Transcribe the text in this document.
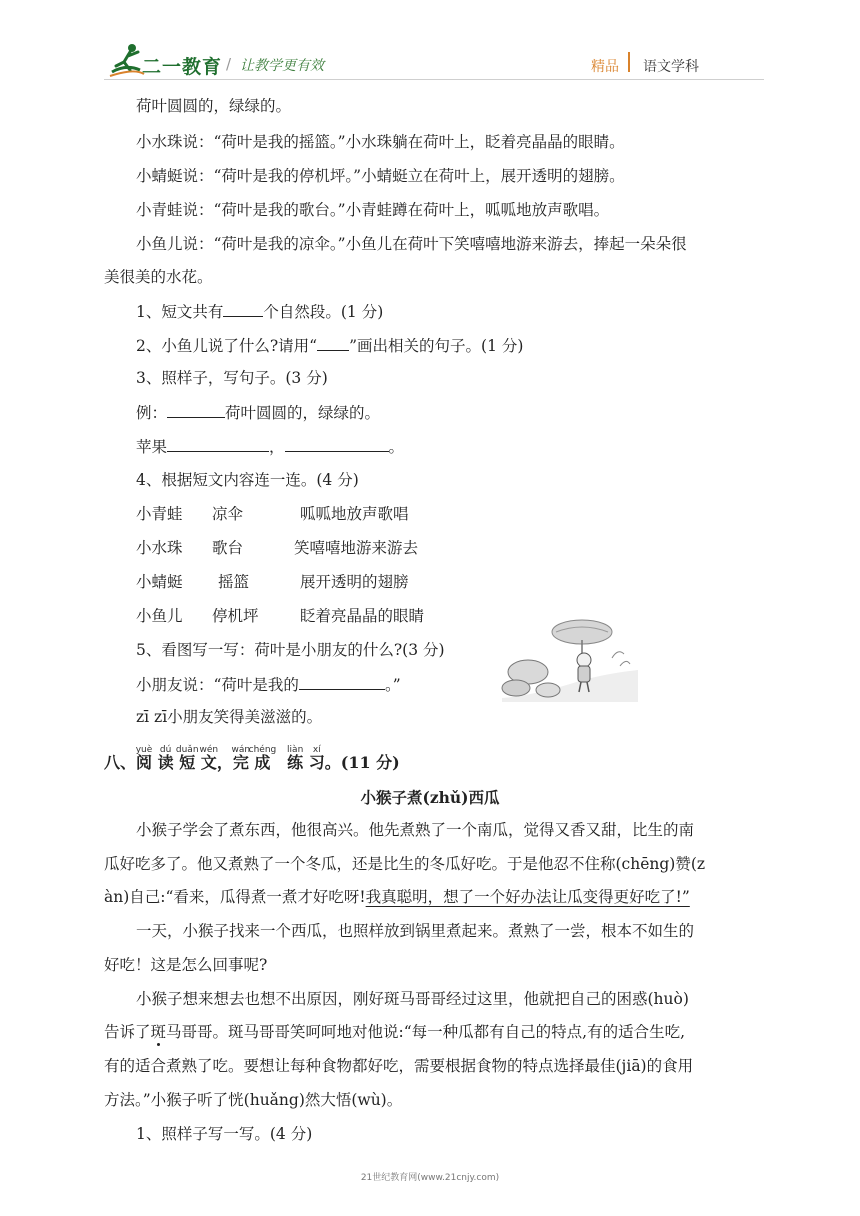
二一教育 / 让教学更有效	精品 语文学科
荷叶圆圆的，绿绿的。
小水珠说：“荷叶是我的摇篮。”小水珠躺在荷叶上，眨着亮晶晶的眼睛。
小蜻蜓说：“荷叶是我的停机坪。”小蜻蜓立在荷叶上，展开透明的翅膀。
小青蛙说：“荷叶是我的歌台。”小青蛙蹲在荷叶上，呱呱地放声歌唱。
小鱼儿说：“荷叶是我的凉伞。”小鱼儿在荷叶下笑嘻嘻地游来游去，捧起一朵朵很
美很美的水花。
1、短文共有	个自然段。(1 分)
2、小鱼儿说了什么?请用“ ”画出相关的句子。(1 分)
3、照样子，写句子。(3 分)
例：	荷叶圆圆的，绿绿的。
苹果	，	。
4、根据短文内容连一连。(4 分)
小青蛙 凉伞	呱呱地放声歌唱
小水珠 歌台	笑嘻嘻地游来游去
小蜻蜓 摇篮	展开透明的翅膀
小鱼儿 停机坪	眨着亮晶晶的眼睛
5、看图写一写：荷叶是小朋友的什么?(3 分)
小朋友说：“荷叶是我的	。”
zī zī小朋友笑得美滋滋的。
八、
yuè
阅
dú
读
duǎn
短
wén
文，
wán
完
chéng
成
liàn
练
xí
习。(11 分)
小猴子煮(zhǔ)西瓜
小猴子学会了煮东西，他很高兴。他先煮熟了一个南瓜，觉得又香又甜，比生的南
瓜好吃多了。他又煮熟了一个冬瓜，还是比生的冬瓜好吃。于是他忍不住称(chēng)赞(z
àn)自己:“看来，瓜得煮一煮才好吃呀!我真聪明，想了一个好办法让瓜变得更好吃了!”
一天，小猴子找来一个西瓜，也照样放到锅里煮起来。煮熟了一尝，根本不如生的
好吃！这是怎么回事呢?
小猴子想来想去也想不出原因，刚好斑马哥哥经过这里，他就把自己的困惑(huò)
告诉了斑马哥哥。斑马哥哥笑呵呵地对他说:“每一种瓜都有自己的特点,有的适合生吃,
有的适合煮熟了吃。要想让每种食物都好吃，需要根据食物的特点选择最佳(jiā)的食用
方法。”小猴子听了恍(huǎng)然大悟(wù)。
1、照样子写一写。(4 分)
21世纪教育网(www.21cnjy.com)
